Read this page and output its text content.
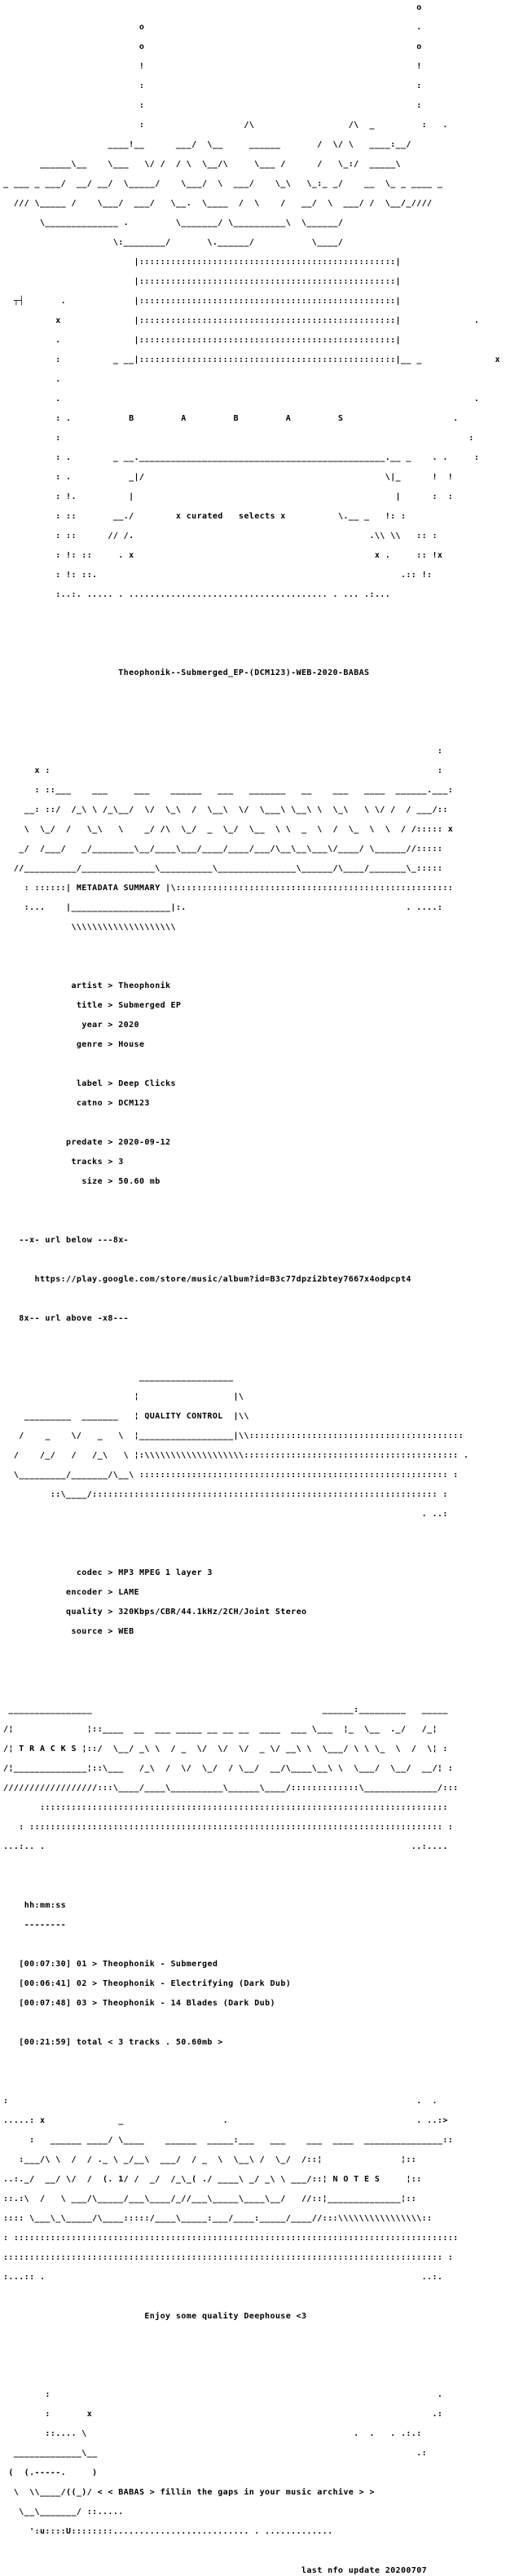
o

o                                                    .

o                                                    o

!                                                    !

:                                                    :

:                                                    :

:                   /\                  /\  _         :   .

____!__      ___/  \__     ______       /  \/ \   ____:__/

______\__    \___   \/ /  / \  \__/\     \___ /      /   \_:/  _____\

_ ___ _ ___/  __/ __/  \_____/    \___/  \  ___/    \_\   \_:_ _/    __  \_ _ ____ _

/// \_____ /    \___/  ___/   \__.  \____  /  \    /   __/  \  ___/ /  \__/_////

\______________ .         \_______/ \__________\  \______/

\:________/       \.______/           \____/

|:::::::::::::::::::::::::::::::::::::::::::::::::|

|:::::::::::::::::::::::::::::::::::::::::::::::::|

┬┤       .             |:::::::::::::::::::::::::::::::::::::::::::::::::|

x              |:::::::::::::::::::::::::::::::::::::::::::::::::|              .

.              |:::::::::::::::::::::::::::::::::::::::::::::::::|

:          _ __|:::::::::::::::::::::::::::::::::::::::::::::::::|__ _              x

.

.                                                                               .

: .           B         A         B         A         S                     .

:                                                                              :

: .        _ __._______________________________________________.__ _    . .     :

: .           _|/                                              \|_      !  !

: !.          |                                                  |      :  :

: ::       __./        x curated   selects x          \.__ _   !: :

: ::      // /.                                             .\\ \\   :: :

: !: ::     . x                                              x .     :: !x

: !: ::.                                                          .:: !:

:..:. ..... . ...................................... . ... .:...

Theophonik--Submerged_EP-(DCM123)-WEB-2020-BABAS

:

x :                                                                          :

: ::___    ___     ___    ______   ___   _______   __    ___   ____  ______.___:

__: ::/  /_\ \ /_\__/  \/  \_\  /  \__\  \/  \___\ \__\ \  \_\   \ \/ /  / ___/::

\  \_/  /   \_\   \    _/ /\  \_/  _  \_/  \__  \ \  _  \  /  \_  \  \  / /::::: x

_/  /___/   _/________\__/____\___/____/____/___/\__\__\___\/____/ \______//:::::

//__________/______________\__________\_______________\______/\____/_______\_:::::

: ::::::| METADATA SUMMARY |\:::::::::::::::::::::::::::::::::::::::::::::::::::::

:...    |___________________|:.                                          . ....:

\\\\\\\\\\\\\\\\\\\\

artist > Theophonik

title > Submerged EP

year > 2020

genre > House

label > Deep Clicks

catno > DCM123

predate > 2020-09-12

tracks > 3

size > 50.60 mb

--x- url below ---8x-

https://play.google.com/store/music/album?id=B3c77dpzi2btey7667x4odpcpt4

8x-- url above -x8---

__________________

¦                  |\

_________  _______   ¦ QUALITY CONTROL  |\\

/    _    \/   _   \  ¦__________________|\\:::::::::::::::::::::::::::::::::::::::::

/    /_/   /   /_\   \ ¦:\\\\\\\\\\\\\\\\\\\::::::::::::::::::::::::::::::::::::::::: .

\_________/_______/\__\ ::::::::::::::::::::::::::::::::::::::::::::::::::::::::::: :

::\____/:::::::::::::::::::::::::::::::::::::::::::::::::::::::::::::::::: :

. ..:

codec > MP3 MPEG 1 layer 3

encoder > LAME

quality > 320Kbps/CBR/44.1kHz/2CH/Joint Stereo

source > WEB

________________                                            ______:_________   _____

/¦              ¦::____  __  ___ _____ __ __ __  ____  ___ \___  ¦_  \__  ._/   /_¦

/¦ T R A C K S ¦::/  \__/ _\ \  / _  \/  \/  \/  _ \/ __\ \  \___/ \ \ \_  \  /  \¦ :

/¦______________¦::\___   /_\  /  \/  \_/  / \__/  __/\____\__\ \  \___/  \__/  __/¦ :

//////////////////:::\____/____\__________\______\____/:::::::::::::\______________/:::

::::::::::::::::::::::::::::::::::::::::::::::::::::::::::::::::::::::::::::::

: ::::::::::::::::::::::::::::::::::::::::::::::::::::::::::::::::::::::::::::::: :

...:.. .                                                                      ..:....

hh:mm:ss

--------

[00:07:30] 01 > Theophonik - Submerged

[00:06:41] 02 > Theophonik - Electrifying (Dark Dub)

[00:07:48] 03 > Theophonik - 14 Blades (Dark Dub)

[00:21:59] total < 3 tracks . 50.60mb >

:                                                                              .  .

.....: x              _                   .                                    . ..:>

:   ______ ____/ \____    ______  _____:___   ___    ___  ____  _______________::

:___/\ \  /  / ._ \ _/__\  ___/  / _  \  \__\ /  \_/  /::¦               ¦::

..:._/  __/ \/  /  (. 1/ /  _/  /_\_( ./ ____\ _/ _\ \ ___/::¦ N O T E S     ¦::

::.:\  /   \ ___/\_____/___\____/_//___\_____\____\__/   //::¦______________¦::

:::: \___\_\_____/\____:::::/____\_____:___/____:_____/____//:::\\\\\\\\\\\\\\\\::

: :::::::::::::::::::::::::::::::::::::::::::::::::::::::::::::::::::::::::::::::::::::

:::::::::::::::::::::::::::::::::::::::::::::::::::::::::::::::::::::::::::::::::::: :

:...:: .                                                                        ..:.

Enjoy some quality Deephouse <3

:                                                                          .

:       x                                                                 .:

::.... \                                                   .  .   . .:.:

_____________\__                                                             .:

(  (.-----.     )

\  \\____/((_)/ < < BABAS > fillin the gaps in your music archive > >

\__\_______/ ::.....

':u::::U::::::::.......................... . .............

last nfo update 20200707
